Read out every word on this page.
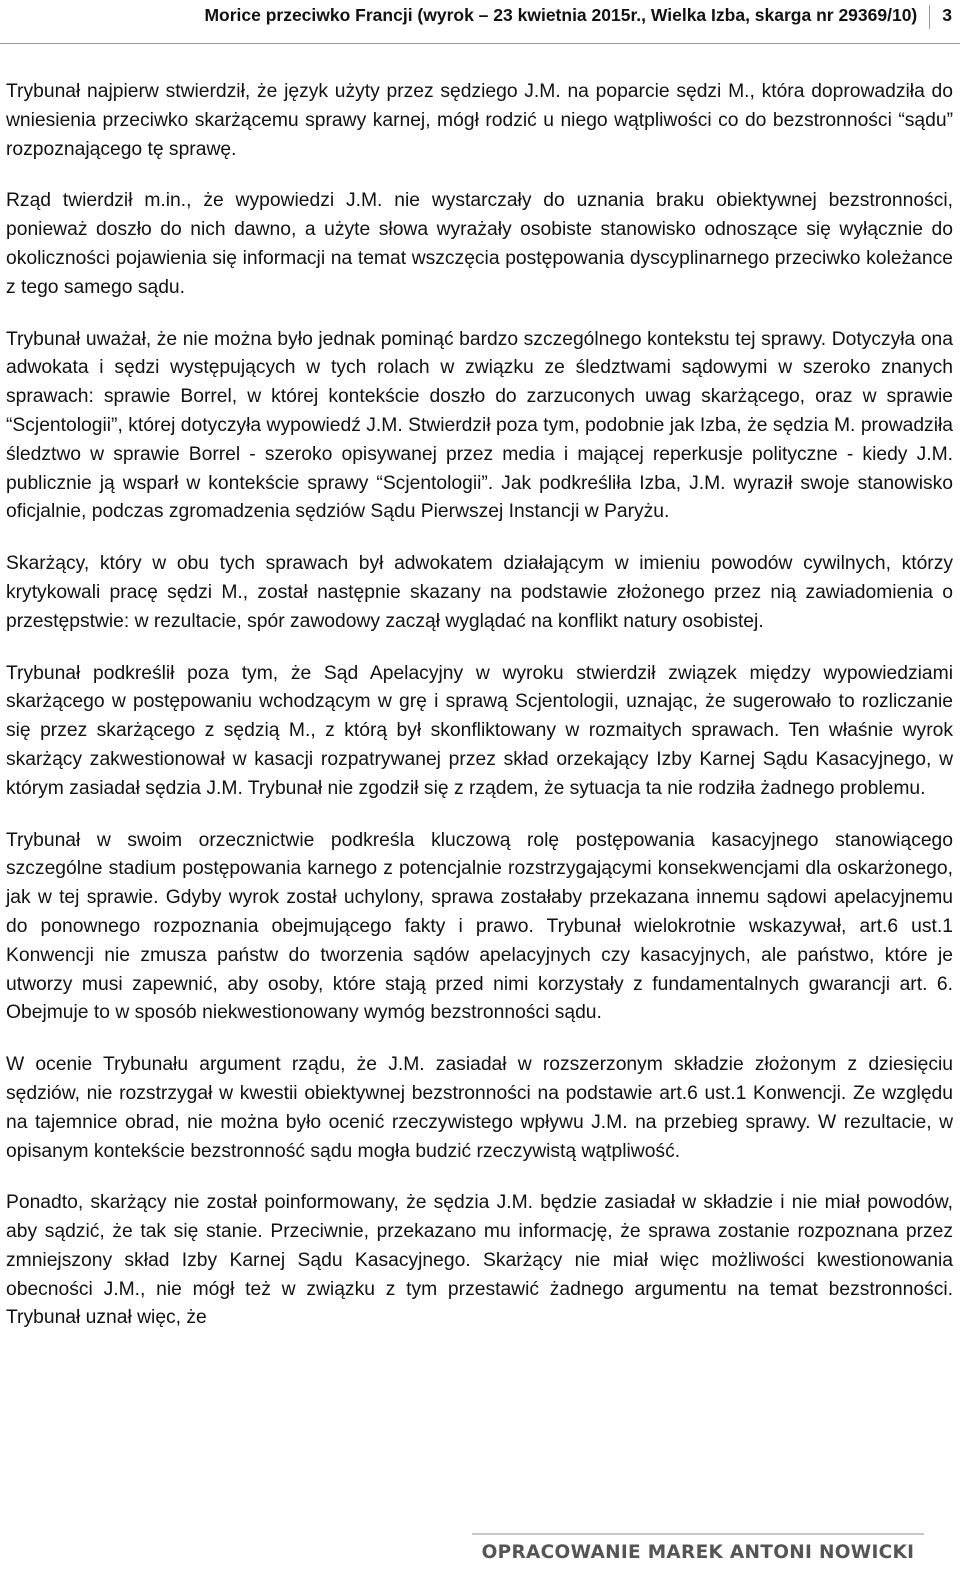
Morice przeciwko Francji (wyrok – 23 kwietnia 2015r., Wielka Izba, skarga nr 29369/10) 3

Trybunał najpierw stwierdził, że język użyty przez sędziego J.M. na poparcie sędzi M., która doprowadziła do wniesienia przeciwko skarżącemu sprawy karnej, mógł rodzić u niego wątpliwości co do bezstronności “sądu” rozpoznającego tę sprawę.

Rząd twierdził m.in., że wypowiedzi J.M. nie wystarczały do uznania braku obiektywnej bezstronności, ponieważ doszło do nich dawno, a użyte słowa wyrażały osobiste stanowisko odnoszące się wyłącznie do okoliczności pojawienia się informacji na temat wszczęcia postępowania dyscyplinarnego przeciwko koleżance z tego samego sądu.

Trybunał uważał, że nie można było jednak pominąć bardzo szczególnego kontekstu tej sprawy. Dotyczyła ona adwokata i sędzi występujących w tych rolach w związku ze śledztwami sądowymi w szeroko znanych sprawach: sprawie Borrel, w której kontekście doszło do zarzuconych uwag skarżącego, oraz w sprawie “Scjentologii”, której dotyczyła wypowiedź J.M. Stwierdził poza tym, podobnie jak Izba, że sędzia M. prowadziła śledztwo w sprawie Borrel - szeroko opisywanej przez media i mającej reperkusje polityczne - kiedy J.M. publicznie ją wsparł w kontekście sprawy “Scjentologii”. Jak podkreśliła Izba, J.M. wyraził swoje stanowisko oficjalnie, podczas zgromadzenia sędziów Sądu Pierwszej Instancji w Paryżu.

Skarżący, który w obu tych sprawach był adwokatem działającym w imieniu powodów cywilnych, którzy krytykowali pracę sędzi M., został następnie skazany na podstawie złożonego przez nią zawiadomienia o przestępstwie: w rezultacie, spór zawodowy zaczął wyglądać na konflikt natury osobistej.

Trybunał podkreślił poza tym, że Sąd Apelacyjny w wyroku stwierdził związek między wypowiedziami skarżącego w postępowaniu wchodzącym w grę i sprawą Scjentologii, uznając, że sugerowało to rozliczanie się przez skarżącego z sędzią M., z którą był skonfliktowany w rozmaitych sprawach. Ten właśnie wyrok skarżący zakwestionował w kasacji rozpatrywanej przez skład orzekający Izby Karnej Sądu Kasacyjnego, w którym zasiadał sędzia J.M. Trybunał nie zgodził się z rządem, że sytuacja ta nie rodziła żadnego problemu.

Trybunał w swoim orzecznictwie podkreśla kluczową rolę postępowania kasacyjnego stanowiącego szczególne stadium postępowania karnego z potencjalnie rozstrzygającymi konsekwencjami dla oskarżonego, jak w tej sprawie. Gdyby wyrok został uchylony, sprawa zostałaby przekazana innemu sądowi apelacyjnemu do ponownego rozpoznania obejmującego fakty i prawo. Trybunał wielokrotnie wskazywał, art.6 ust.1 Konwencji nie zmusza państw do tworzenia sądów apelacyjnych czy kasacyjnych, ale państwo, które je utworzy musi zapewnić, aby osoby, które stają przed nimi korzystały z fundamentalnych gwarancji art. 6. Obejmuje to w sposób niekwestionowany wymóg bezstronności sądu.

W ocenie Trybunału argument rządu, że J.M. zasiadał w rozszerzonym składzie złożonym z dziesięciu sędziów, nie rozstrzygał w kwestii obiektywnej bezstronności na podstawie art.6 ust.1 Konwencji. Ze względu na tajemnice obrad, nie można było ocenić rzeczywistego wpływu J.M. na przebieg sprawy. W rezultacie, w opisanym kontekście bezstronność sądu mogła budzić rzeczywistą wątpliwość.

Ponadto, skarżący nie został poinformowany, że sędzia J.M. będzie zasiadał w składzie i nie miał powodów, aby sądzić, że tak się stanie. Przeciwnie, przekazano mu informację, że sprawa zostanie rozpoznana przez zmniejszony skład Izby Karnej Sądu Kasacyjnego. Skarżący nie miał więc możliwości kwestionowania obecności J.M., nie mógł też w związku z tym przestawić żadnego argumentu na temat bezstronności. Trybunał uznał więc, że

OPRACOWANIE MAREK ANTONI NOWICKI
